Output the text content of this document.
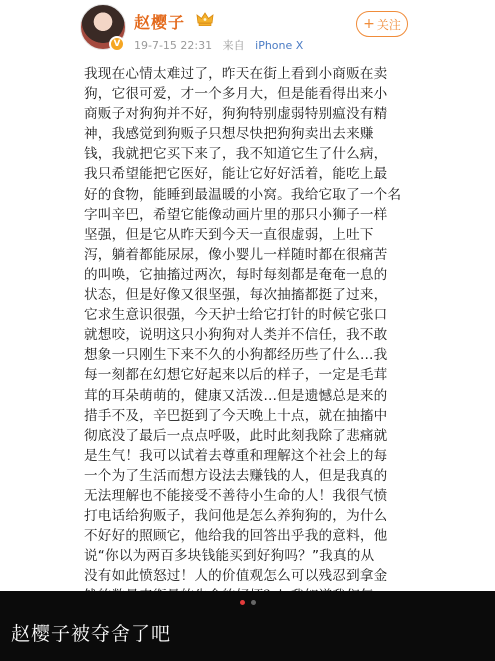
V
赵樱子
19-7-15 22:31 来自 iPhone X
+ 关注
我现在心情太难过了，昨天在街上看到小商贩在卖
狗，它很可爱，才一个多月大，但是能看得出来小
商贩子对狗狗并不好，狗狗特别虚弱特别瘟没有精
神，我感觉到狗贩子只想尽快把狗狗卖出去来赚
钱，我就把它买下来了，我不知道它生了什么病，
我只希望能把它医好，能让它好好活着，能吃上最
好的食物，能睡到最温暖的小窝。我给它取了一个名
字叫辛巴，希望它能像动画片里的那只小狮子一样
坚强，但是它从昨天到今天一直很虚弱，上吐下
泻，躺着都能尿尿，像小婴儿一样随时都在很痛苦
的叫唤，它抽搐过两次，每时每刻都是奄奄一息的
状态，但是好像又很坚强，每次抽搐都挺了过来，
它求生意识很强，今天护士给它打针的时候它张口
就想咬，说明这只小狗狗对人类并不信任，我不敢
想象一只刚生下来不久的小狗都经历些了什么…我
每一刻都在幻想它好起来以后的样子，一定是毛茸
茸的耳朵萌萌的，健康又活泼…但是遗憾总是来的
措手不及，辛巴挺到了今天晚上十点，就在抽搐中
彻底没了最后一点点呼吸，此时此刻我除了悲痛就
是生气！我可以试着去尊重和理解这个社会上的每
一个为了生活而想方设法去赚钱的人，但是我真的
无法理解也不能接受不善待小生命的人！我很气愤
打电话给狗贩子，我问他是怎么养狗狗的，为什么
不好好的照顾它，他给我的回答出乎我的意料，他
说“你以为两百多块钱能买到好狗吗？”我真的从
没有如此愤怒过！人的价值观怎么可以残忍到拿金
赵樱子被夺舍了吧
